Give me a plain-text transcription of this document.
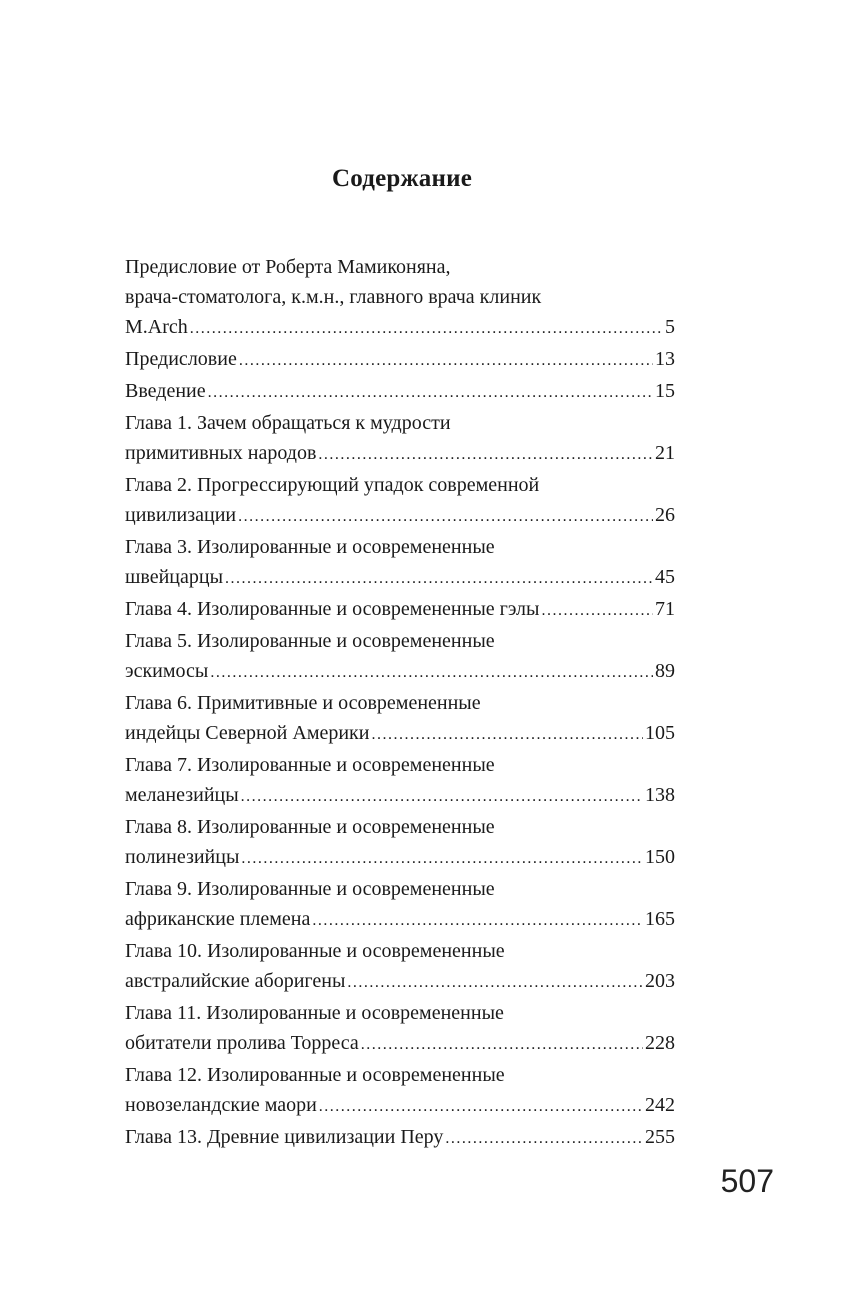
Содержание
Предисловие от Роберта Мамиконяна,
врача-стоматолога, к.м.н., главного врача клиник
M.Arch .....	5
Предисловие .....	13
Введение .....	15
Глава 1. Зачем обращаться к мудрости
примитивных народов .....	21
Глава 2. Прогрессирующий упадок современной
цивилизации .....	26
Глава 3. Изолированные и осовремененные
швейцарцы .....	45
Глава 4. Изолированные и осовремененные гэлы .....	71
Глава 5. Изолированные и осовремененные
эскимосы .....	89
Глава 6. Примитивные и осовремененные
индейцы Северной Америки .....	105
Глава 7. Изолированные и осовремененные
меланезийцы .....	138
Глава 8. Изолированные и осовремененные
полинезийцы .....	150
Глава 9. Изолированные и осовремененные
африканские племена .....	165
Глава 10. Изолированные и осовремененные
австралийские аборигены .....	203
Глава 11. Изолированные и осовремененные
обитатели пролива Торреса .....	228
Глава 12. Изолированные и осовремененные
новозеландские маори .....	242
Глава 13. Древние цивилизации Перу .....	255
507
